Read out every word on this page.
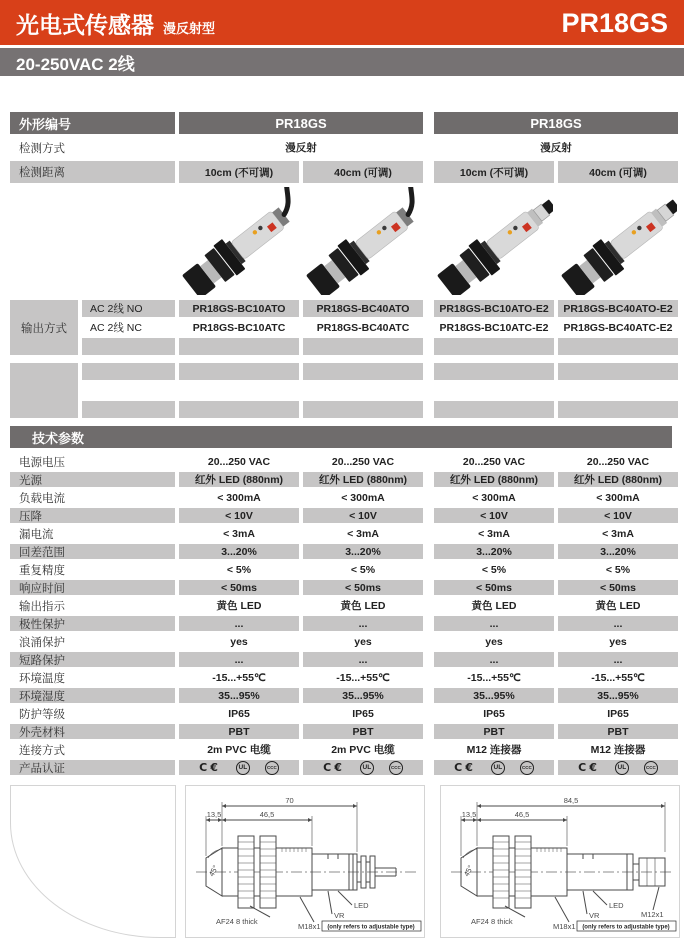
光电式传感器 漫反射型	PR18GS
20-250VAC 2线
外形编号	PR18GS	PR18GS
检测方式	漫反射	漫反射
检测距离	10cm (不可调)	40cm (可调)	10cm (不可调)	40cm (可调)
输出方式
AC 2线 NO	PR18GS-BC10ATO	PR18GS-BC40ATO	PR18GS-BC10ATO-E2	PR18GS-BC40ATO-E2
AC 2线 NC	PR18GS-BC10ATC	PR18GS-BC40ATC	PR18GS-BC10ATC-E2	PR18GS-BC40ATC-E2
技术参数
电源电压	20...250 VAC	20...250 VAC	20...250 VAC	20...250 VAC
光源	红外 LED (880nm)	红外 LED (880nm)	红外 LED (880nm)	红外 LED (880nm)
负载电流	< 300mA	< 300mA	< 300mA	< 300mA
压降	< 10V	< 10V	< 10V	< 10V
漏电流	< 3mA	< 3mA	< 3mA	< 3mA
回差范围	3...20%	3...20%	3...20%	3...20%
重复精度	< 5%	< 5%	< 5%	< 5%
响应时间	< 50ms	< 50ms	< 50ms	< 50ms
输出指示	黄色 LED	黄色 LED	黄色 LED	黄色 LED
极性保护	...	...	...	...
浪涌保护	yes	yes	yes	yes
短路保护	...	...	...	...
环境温度	-15...+55℃	-15...+55℃	-15...+55℃	-15...+55℃
环境湿度	35...95%	35...95%	35...95%	35...95%
防护等级	IP65	IP65	IP65	IP65
外壳材料	PBT	PBT	PBT	PBT
连接方式	2m PVC 电缆	2m PVC 电缆	M12 连接器	M12 连接器
产品认证	C€	UL	CCC	C€	UL	CCC	C€	UL	CCC	C€	UL	CCC
45°
70
13,5	46,5
AF24 8 thick
M18x1
VR
LED
(only refers to adjustable type)
45°
84,5
13,5	46,5
AF24 8 thick
M18x1
VR
LED
M12x1
(only refers to adjustable type)
